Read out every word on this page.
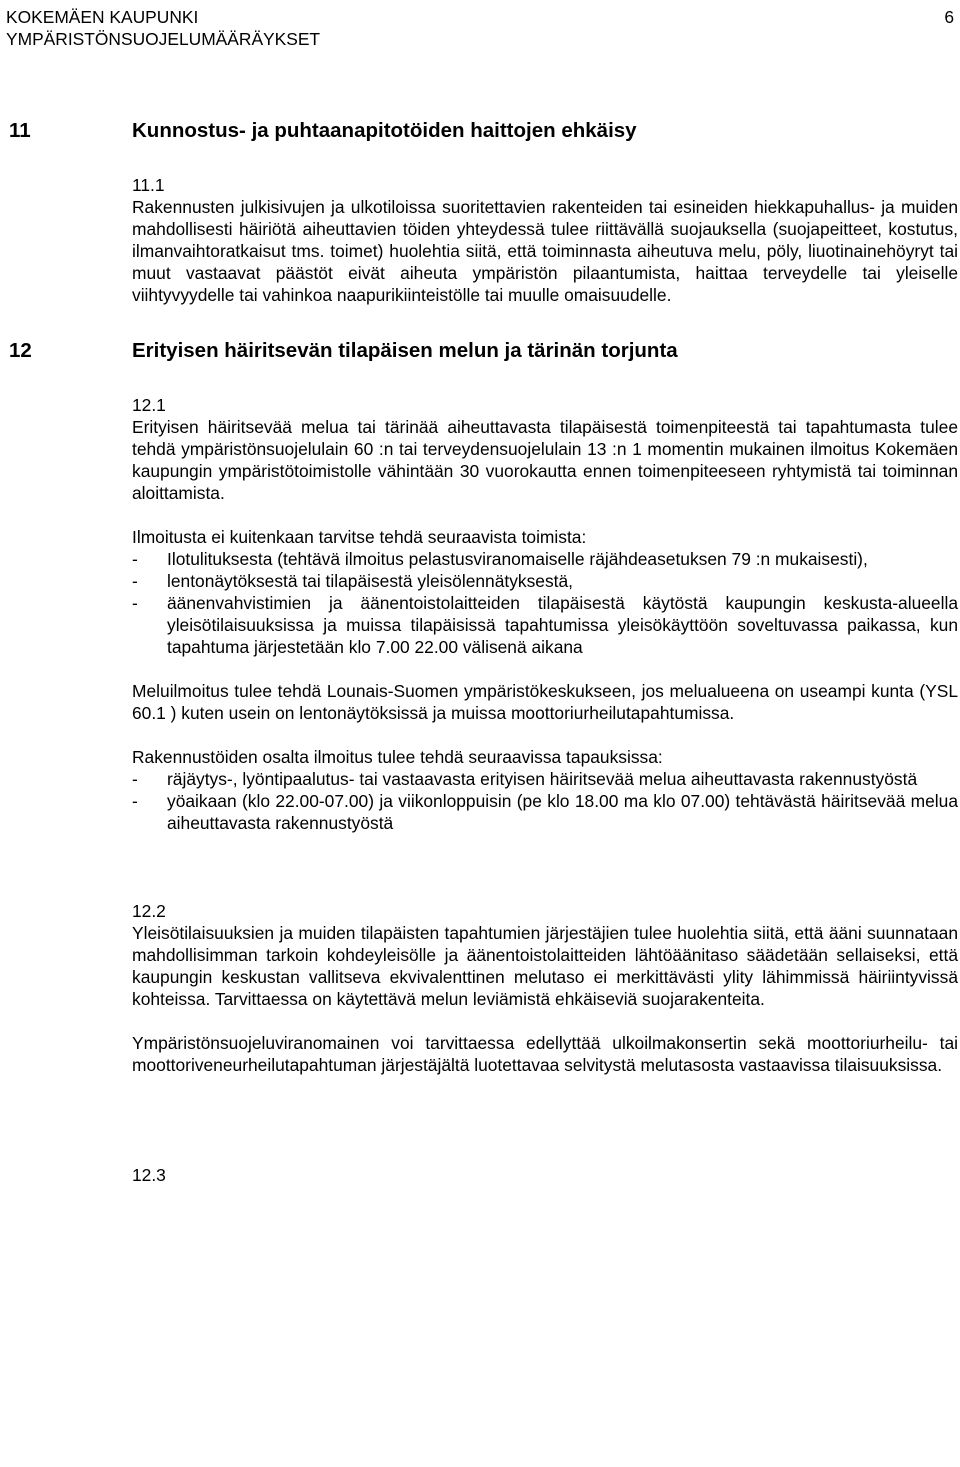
KOKEMÄEN KAUPUNKI
YMPÄRISTÖNSUOJELUMÄÄRÄYKSET
6
11	Kunnostus- ja puhtaanapitotöiden haittojen ehkäisy
11.1

Rakennusten julkisivujen ja ulkotiloissa suoritettavien rakenteiden tai esineiden hiekkapuhallus- ja muiden mahdollisesti häiriötä aiheuttavien töiden yhteydessä tulee riittävällä suojauksella (suojapeitteet, kostutus, ilmanvaihtoratkaisut tms. toimet) huolehtia siitä, että toiminnasta aiheutuva melu, pöly, liuotinainehöyryt tai muut vastaavat päästöt eivät aiheuta ympäristön pilaantumista, haittaa terveydelle tai yleiselle viihtyvyydelle tai vahinkoa naapurikiinteistölle tai muulle omaisuudelle.

12	Erityisen häiritsevän tilapäisen melun ja tärinän torjunta
12.1

Erityisen häiritsevää melua tai tärinää aiheuttavasta tilapäisestä toimenpiteestä tai tapahtumasta tulee tehdä ympäristönsuojelulain 60 :n tai terveydensuojelulain 13 :n 1 momentin mukainen ilmoitus Kokemäen kaupungin ympäristötoimistolle vähintään 30 vuorokautta ennen toimenpiteeseen ryhtymistä tai toiminnan aloittamista.

Ilmoitusta ei kuitenkaan tarvitse tehdä seuraavista toimista:

- Ilotulituksesta (tehtävä ilmoitus pelastusviranomaiselle räjähdeasetuksen 79 :n mukaisesti),
- lentonäytöksestä tai tilapäisestä yleisölennätyksestä,
- äänenvahvistimien ja äänentoistolaitteiden tilapäisestä käytöstä kaupungin keskusta-alueella yleisötilaisuuksissa ja muissa tilapäisissä tapahtumissa yleisökäyttöön soveltuvassa paikassa, kun tapahtuma järjestetään klo 7.00 22.00 välisenä aikana

Meluilmoitus tulee tehdä Lounais-Suomen ympäristökeskukseen, jos melualueena on useampi kunta (YSL 60.1 ) kuten usein on lentonäytöksissä ja muissa moottoriurheilutapahtumissa.

Rakennustöiden osalta ilmoitus tulee tehdä seuraavissa tapauksissa:

- räjäytys-, lyöntipaalutus- tai vastaavasta erityisen häiritsevää melua aiheuttavasta rakennustyöstä
- yöaikaan (klo 22.00-07.00) ja viikonloppuisin (pe klo 18.00 ma klo 07.00) tehtävästä häiritsevää melua aiheuttavasta rakennustyöstä
12.2

Yleisötilaisuuksien ja muiden tilapäisten tapahtumien järjestäjien tulee huolehtia siitä, että ääni suunnataan mahdollisimman tarkoin kohdeyleisölle ja äänentoistolaitteiden lähtöäänitaso säädetään sellaiseksi, että kaupungin keskustan vallitseva ekvivalenttinen melutaso ei merkittävästi ylity lähimmissä häiriintyvissä kohteissa. Tarvittaessa on käytettävä melun leviämistä ehkäiseviä suojarakenteita.

Ympäristönsuojeluviranomainen voi tarvittaessa edellyttää ulkoilmakonsertin sekä moottoriurheilu- tai moottoriveneurheilutapahtuman järjestäjältä luotettavaa selvitystä melutasosta vastaavissa tilaisuuksissa.

12.3
